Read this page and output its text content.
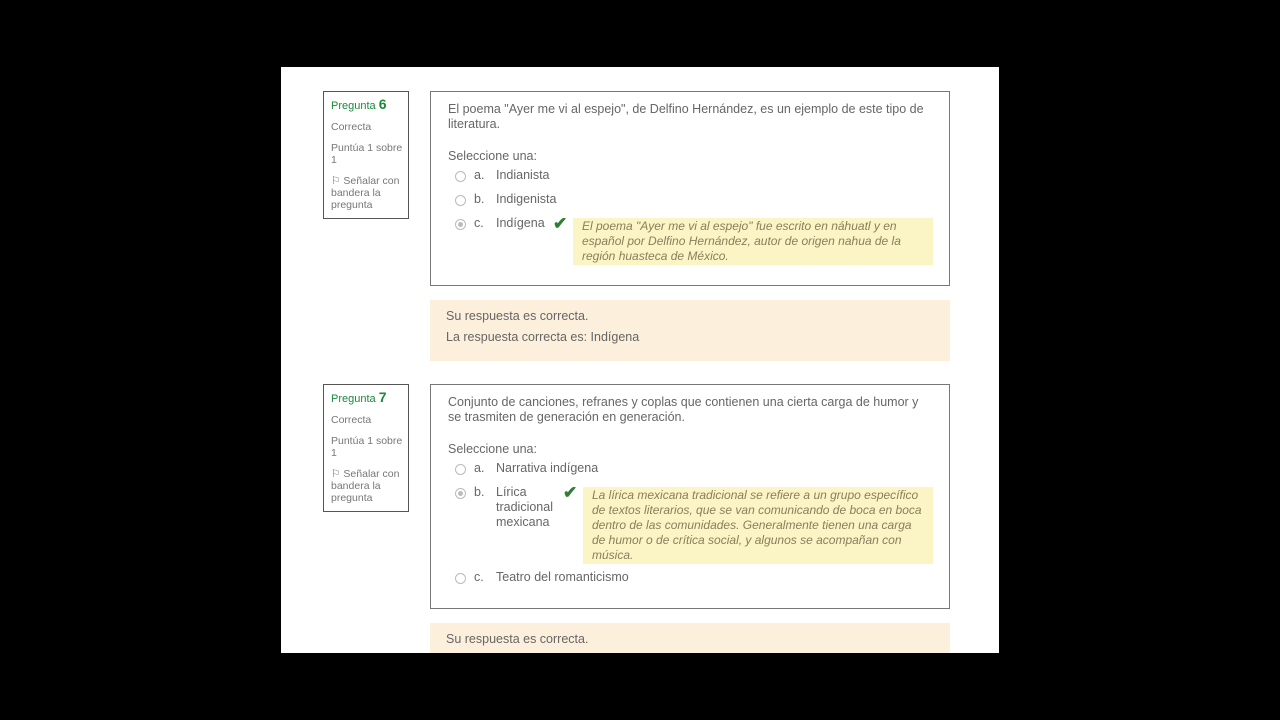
Pregunta 6
Correcta
Puntúa 1 sobre 1
⚐ Señalar con bandera la pregunta
El poema "Ayer me vi al espejo", de Delfino Hernández, es un ejemplo de este tipo de literatura.
Seleccione una:
a. Indianista
b. Indigenista
c. Indígena ✔	El poema "Ayer me vi al espejo" fue escrito en náhuatl y en español por Delfino Hernández, autor de origen nahua de la región huasteca de México.
Su respuesta es correcta.
La respuesta correcta es: Indígena
Pregunta 7
Correcta
Puntúa 1 sobre 1
⚐ Señalar con bandera la pregunta
Conjunto de canciones, refranes y coplas que contienen una cierta carga de humor y se trasmiten de generación en generación.
Seleccione una:
a. Narrativa indígena
b. Lírica tradicional mexicana
c. Teatro del romanticismo
✔	La lírica mexicana tradicional se refiere a un grupo específico de textos literarios, que se van comunicando de boca en boca dentro de las comunidades. Generalmente tienen una carga de humor o de crítica social, y algunos se acompañan con música.
Su respuesta es correcta.
